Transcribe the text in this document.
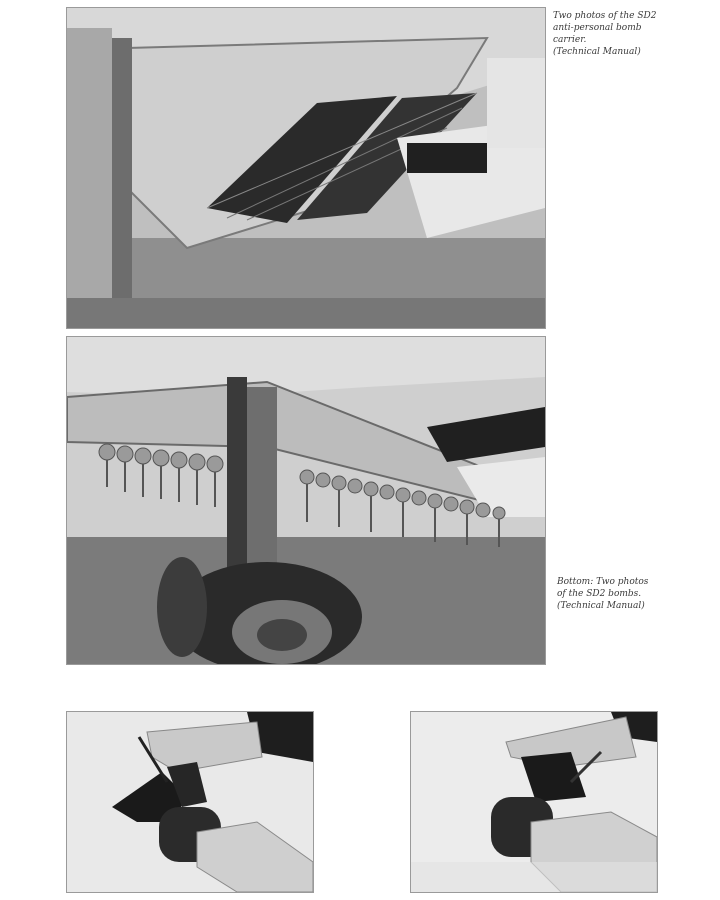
Two photos of the SD2
anti-personal bomb
carrier.
(Technical Manual)
Bottom: Two photos
of the SD2 bombs.
(Technical Manual)
